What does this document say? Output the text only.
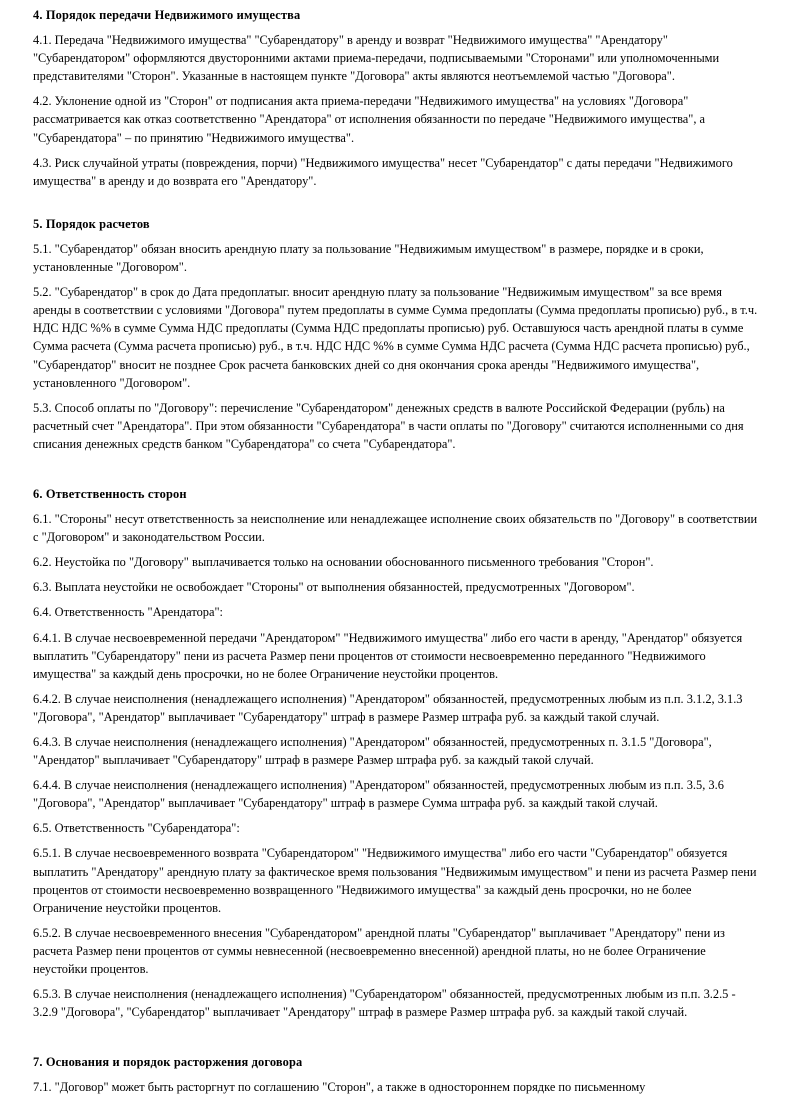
4. Порядок передачи Недвижимого имущества

4.1. Передача "Недвижимого имущества" "Субарендатору" в аренду и возврат "Недвижимого имущества" "Арендатору" "Субарендатором" оформляются двусторонними актами приема-передачи, подписываемыми "Сторонами" или уполномоченными представителями "Сторон". Указанные в настоящем пункте "Договора" акты являются неотъемлемой частью "Договора".

4.2. Уклонение одной из "Сторон" от подписания акта приема-передачи "Недвижимого имущества" на условиях "Договора" рассматривается как отказ соответственно "Арендатора" от исполнения обязанности по передаче "Недвижимого имущества", а "Субарендатора" – по принятию "Недвижимого имущества".

4.3. Риск случайной утраты (повреждения, порчи) "Недвижимого имущества" несет "Субарендатор" с даты передачи "Недвижимого имущества" в аренду и до возврата его "Арендатору".

5. Порядок расчетов

5.1. "Субарендатор" обязан вносить арендную плату за пользование "Недвижимым имуществом" в размере, порядке и в сроки, установленные "Договором".

5.2. "Субарендатор" в срок до Дата предоплатыг. вносит арендную плату за пользование "Недвижимым имуществом" за все время аренды в соответствии с условиями "Договора" путем предоплаты в сумме Сумма предоплаты (Сумма предоплаты прописью) руб., в т.ч. НДС НДС %% в сумме Сумма НДС предоплаты (Сумма НДС предоплаты прописью) руб. Оставшуюся часть арендной платы в сумме Сумма расчета (Сумма расчета прописью) руб., в т.ч. НДС НДС %% в сумме Сумма НДС расчета (Сумма НДС расчета прописью) руб., "Субарендатор" вносит не позднее Срок расчета банковских дней со дня окончания срока аренды "Недвижимого имущества", установленного "Договором".

5.3. Способ оплаты по "Договору": перечисление "Субарендатором" денежных средств в валюте Российской Федерации (рубль) на расчетный счет "Арендатора". При этом обязанности "Субарендатора" в части оплаты по "Договору" считаются исполненными со дня списания денежных средств банком "Субарендатора" со счета "Субарендатора".

6. Ответственность сторон

6.1. "Стороны" несут ответственность за неисполнение или ненадлежащее исполнение своих обязательств по "Договору" в соответствии с "Договором" и законодательством России.

6.2. Неустойка по "Договору" выплачивается только на основании обоснованного письменного требования "Сторон".

6.3. Выплата неустойки не освобождает "Стороны" от выполнения обязанностей, предусмотренных "Договором".

6.4. Ответственность "Арендатора":

6.4.1. В случае несвоевременной передачи "Арендатором" "Недвижимого имущества" либо его части в аренду, "Арендатор" обязуется выплатить "Субарендатору" пени из расчета Размер пени процентов от стоимости несвоевременно переданного "Недвижимого имущества" за каждый день просрочки, но не более Ограничение неустойки процентов.

6.4.2. В случае неисполнения (ненадлежащего исполнения) "Арендатором" обязанностей, предусмотренных любым из п.п. 3.1.2, 3.1.3 "Договора", "Арендатор" выплачивает "Субарендатору" штраф в размере Размер штрафа руб. за каждый такой случай.

6.4.3. В случае неисполнения (ненадлежащего исполнения) "Арендатором" обязанностей, предусмотренных п. 3.1.5 "Договора", "Арендатор" выплачивает "Субарендатору" штраф в размере Размер штрафа руб. за каждый такой случай.

6.4.4. В случае неисполнения (ненадлежащего исполнения) "Арендатором" обязанностей, предусмотренных любым из п.п. 3.5, 3.6 "Договора", "Арендатор" выплачивает "Субарендатору" штраф в размере Сумма штрафа руб. за каждый такой случай.

6.5. Ответственность "Субарендатора":

6.5.1. В случае несвоевременного возврата "Субарендатором" "Недвижимого имущества" либо его части "Субарендатор" обязуется выплатить "Арендатору" арендную плату за фактическое время пользования "Недвижимым имуществом" и пени из расчета Размер пени процентов от стоимости несвоевременно возвращенного "Недвижимого имущества" за каждый день просрочки, но не более Ограничение неустойки процентов.

6.5.2. В случае несвоевременного внесения "Субарендатором" арендной платы "Субарендатор" выплачивает "Арендатору" пени из расчета Размер пени процентов от суммы невнесенной (несвоевременно внесенной) арендной платы, но не более Ограничение неустойки процентов.

6.5.3. В случае неисполнения (ненадлежащего исполнения) "Субарендатором" обязанностей, предусмотренных любым из п.п. 3.2.5 - 3.2.9 "Договора", "Субарендатор" выплачивает "Арендатору" штраф в размере Размер штрафа руб. за каждый такой случай.

7. Основания и порядок расторжения договора

7.1. "Договор" может быть расторгнут по соглашению "Сторон", а также в одностороннем порядке по письменному
